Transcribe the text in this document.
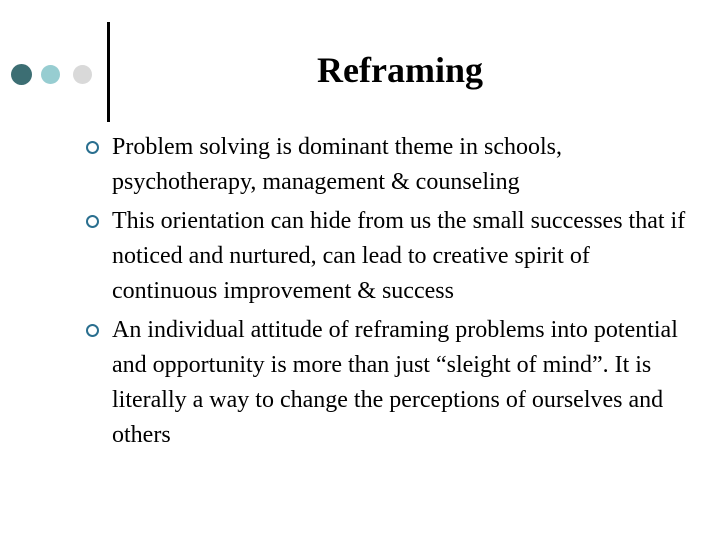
Reframing
Problem solving is dominant theme in schools, psychotherapy, management & counseling
This orientation can hide from us the small successes that if noticed and nurtured, can lead to creative spirit of continuous improvement & success
An individual attitude of reframing problems into potential and opportunity is more than just “sleight of mind”. It is literally a way to change the perceptions of ourselves and others
